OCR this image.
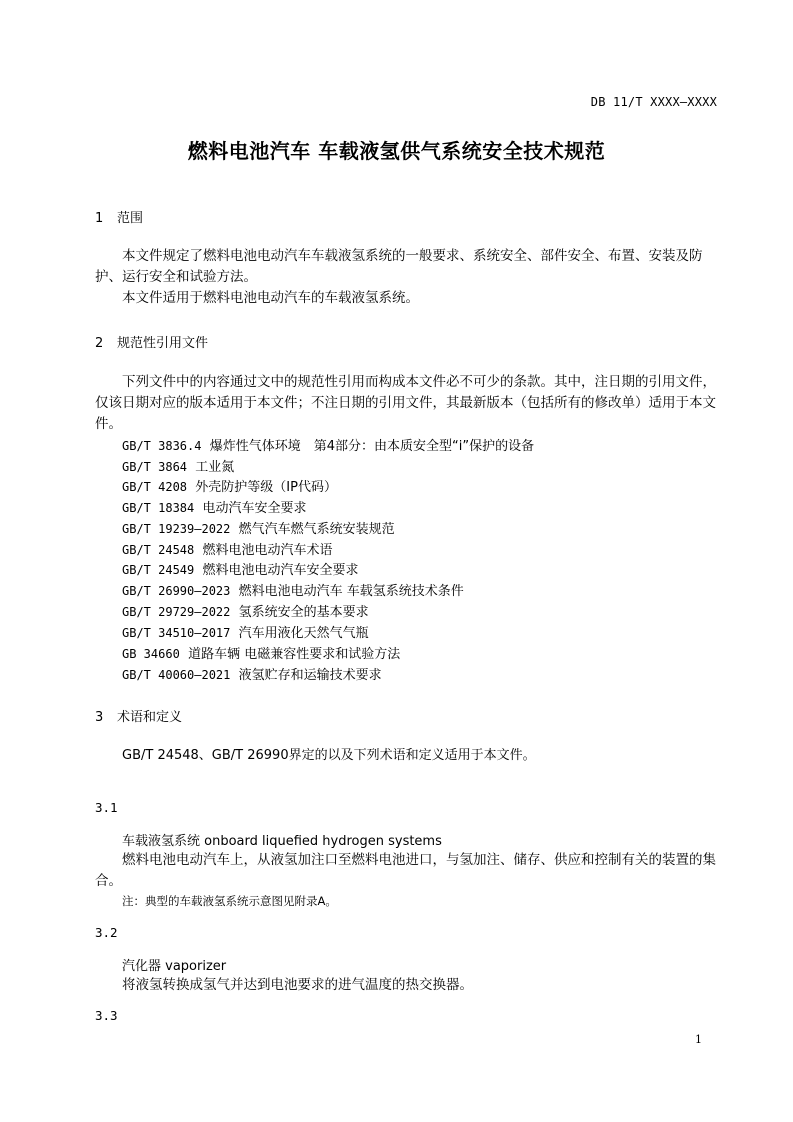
DB 11/T XXXX—XXXX
燃料电池汽车 车载液氢供气系统安全技术规范
1 范围
本文件规定了燃料电池电动汽车车载液氢系统的一般要求、系统安全、部件安全、布置、安装及防护、运行安全和试验方法。
本文件适用于燃料电池电动汽车的车载液氢系统。
2 规范性引用文件
下列文件中的内容通过文中的规范性引用而构成本文件必不可少的条款。其中，注日期的引用文件，仅该日期对应的版本适用于本文件；不注日期的引用文件，其最新版本（包括所有的修改单）适用于本文件。
GB/T 3836.4 爆炸性气体环境　第4部分：由本质安全型“i”保护的设备
GB/T 3864 工业氮
GB/T 4208 外壳防护等级（IP代码）
GB/T 18384 电动汽车安全要求
GB/T 19239—2022 燃气汽车燃气系统安装规范
GB/T 24548 燃料电池电动汽车术语
GB/T 24549 燃料电池电动汽车安全要求
GB/T 26990—2023 燃料电池电动汽车 车载氢系统技术条件
GB/T 29729—2022 氢系统安全的基本要求
GB/T 34510—2017 汽车用液化天然气气瓶
GB 34660 道路车辆 电磁兼容性要求和试验方法
GB/T 40060—2021 液氢贮存和运输技术要求
3 术语和定义
GB/T 24548、GB/T 26990界定的以及下列术语和定义适用于本文件。
3.1
车载液氢系统 onboard liquefied hydrogen systems
燃料电池电动汽车上，从液氢加注口至燃料电池进口，与氢加注、储存、供应和控制有关的装置的集合。
注：典型的车载液氢系统示意图见附录A。
3.2
汽化器 vaporizer
将液氢转换成氢气并达到电池要求的进气温度的热交换器。
3.3
1
